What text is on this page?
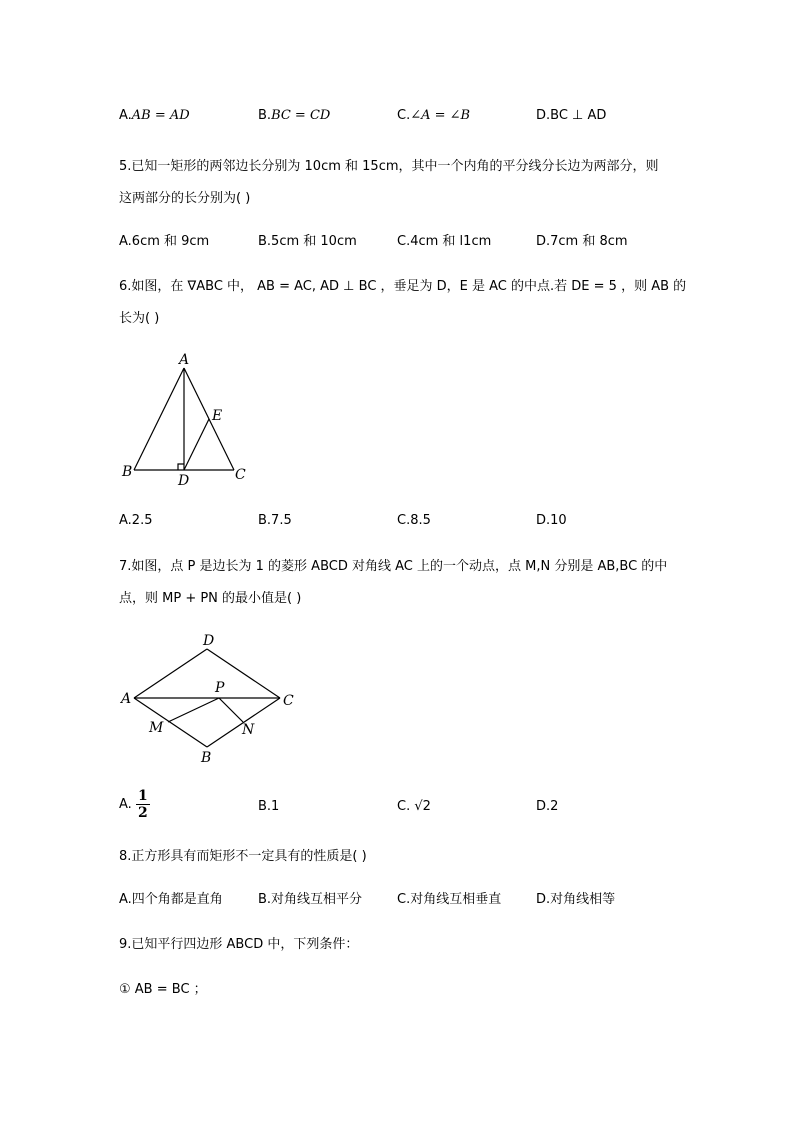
A.AB = AD	B.BC = CD	C.∠A = ∠B	D.BC ⊥ AD
5.已知一矩形的两邻边长分别为 10cm 和 15cm，其中一个内角的平分线分长边为两部分，则
这两部分的长分别为( )
A.6cm 和 9cm	B.5cm 和 10cm	C.4cm 和 l1cm	D.7cm 和 8cm
6.如图，在 ∇ABC 中， AB = AC, AD ⊥ BC ，垂足为 D，E 是 AC 的中点.若 DE = 5 ，则 AB 的
长为( )
A
E
B
D	C
A.2.5	B.7.5	C.8.5	D.10
7.如图，点 P 是边长为 1 的菱形 ABCD 对角线 AC 上的一个动点，点 M,N 分别是 AB,BC 的中
点，则 MP + PN 的最小值是( )
D
A
P
C
M	N
B
A. $\frac{1}{2}$	B.1	C. √2	D.2
8.正方形具有而矩形不一定具有的性质是( )
A.四个角都是直角	B.对角线互相平分	C.对角线互相垂直	D.对角线相等
9.已知平行四边形 ABCD 中，下列条件：
① AB = BC ；
